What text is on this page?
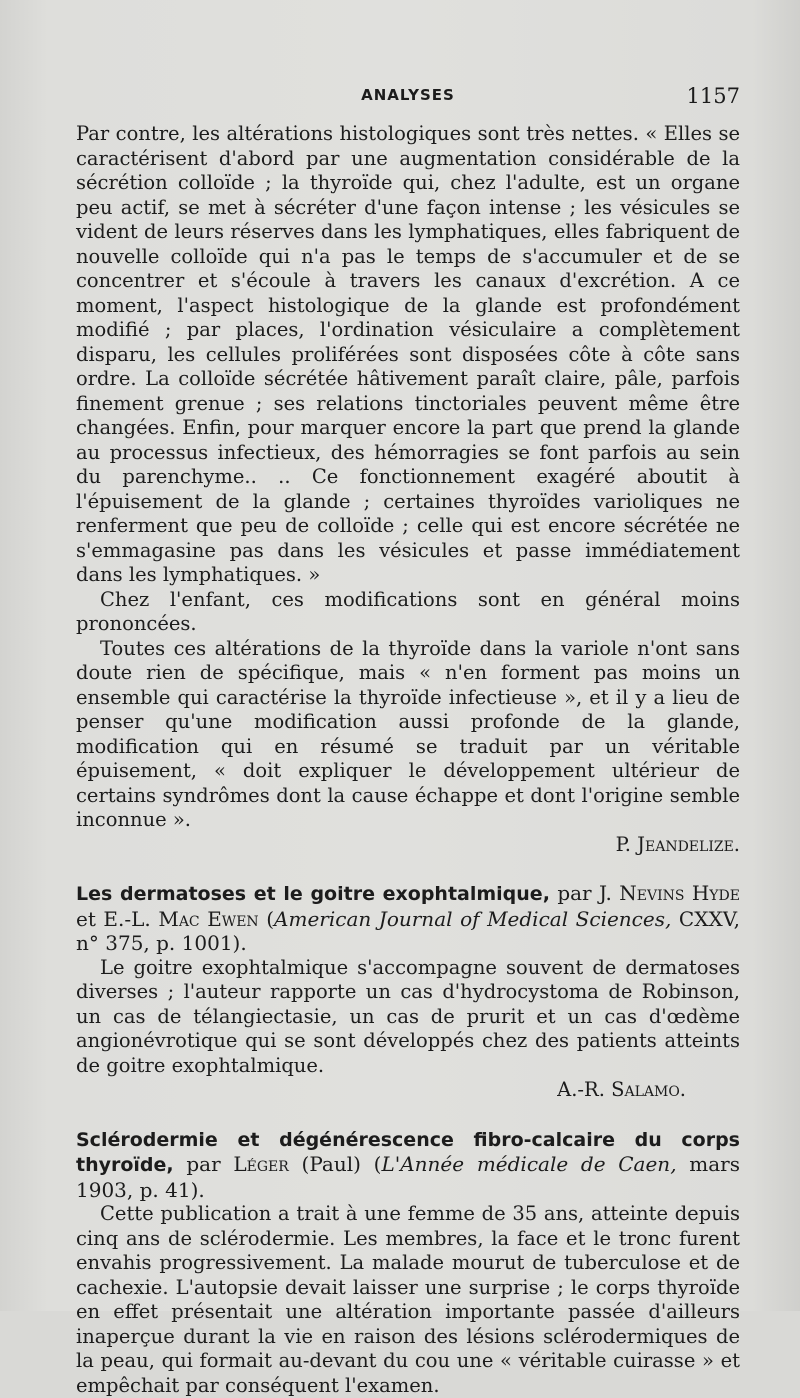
ANALYSES	1157

Par contre, les altérations histologiques sont très nettes. « Elles se caractérisent d'abord par une augmentation considérable de la sécrétion colloïde ; la thyroïde qui, chez l'adulte, est un organe peu actif, se met à sécréter d'une façon intense ; les vésicules se vident de leurs réserves dans les lymphatiques, elles fabriquent de nouvelle colloïde qui n'a pas le temps de s'accumuler et de se concentrer et s'écoule à travers les canaux d'excrétion. A ce moment, l'aspect histologique de la glande est profondément modifié ; par places, l'ordination vésiculaire a complètement disparu, les cellules proliférées sont disposées côte à côte sans ordre. La colloïde sécrétée hâtivement paraît claire, pâle, parfois finement grenue ; ses relations tinctoriales peuvent même être changées. Enfin, pour marquer encore la part que prend la glande au processus infectieux, des hémorragies se font parfois au sein du parenchyme.. .. Ce fonctionnement exagéré aboutit à l'épuisement de la glande ; certaines thyroïdes varioliques ne renferment que peu de colloïde ; celle qui est encore sécrétée ne s'emmagasine pas dans les vésicules et passe immédiatement dans les lymphatiques. »

Chez l'enfant, ces modifications sont en général moins prononcées.

Toutes ces altérations de la thyroïde dans la variole n'ont sans doute rien de spécifique, mais « n'en forment pas moins un ensemble qui caractérise la thyroïde infectieuse », et il y a lieu de penser qu'une modification aussi profonde de la glande, modification qui en résumé se traduit par un véritable épuisement, « doit expliquer le développement ultérieur de certains syndrômes dont la cause échappe et dont l'origine semble inconnue ».

P. Jeandelize.

Les dermatoses et le goitre exophtalmique, par J. Nevins Hyde et E.-L. Mac Ewen (American Journal of Medical Sciences, CXXV, n° 375, p. 1001).

Le goitre exophtalmique s'accompagne souvent de dermatoses diverses ; l'auteur rapporte un cas d'hydrocystoma de Robinson, un cas de télangiectasie, un cas de prurit et un cas d'œdème angionévrotique qui se sont développés chez des patients atteints de goitre exophtalmique.

A.-R. Salamo.

Sclérodermie et dégénérescence fibro-calcaire du corps thyroïde, par Léger (Paul) (L'Année médicale de Caen, mars 1903, p. 41).

Cette publication a trait à une femme de 35 ans, atteinte depuis cinq ans de sclérodermie. Les membres, la face et le tronc furent envahis progressivement. La malade mourut de tuberculose et de cachexie. L'autopsie devait laisser une surprise ; le corps thyroïde en effet présentait une altération importante passée d'ailleurs inaperçue durant la vie en raison des lésions sclérodermiques de la peau, qui formait au-devant du cou une « véritable cuirasse » et empêchait par conséquent l'examen.
